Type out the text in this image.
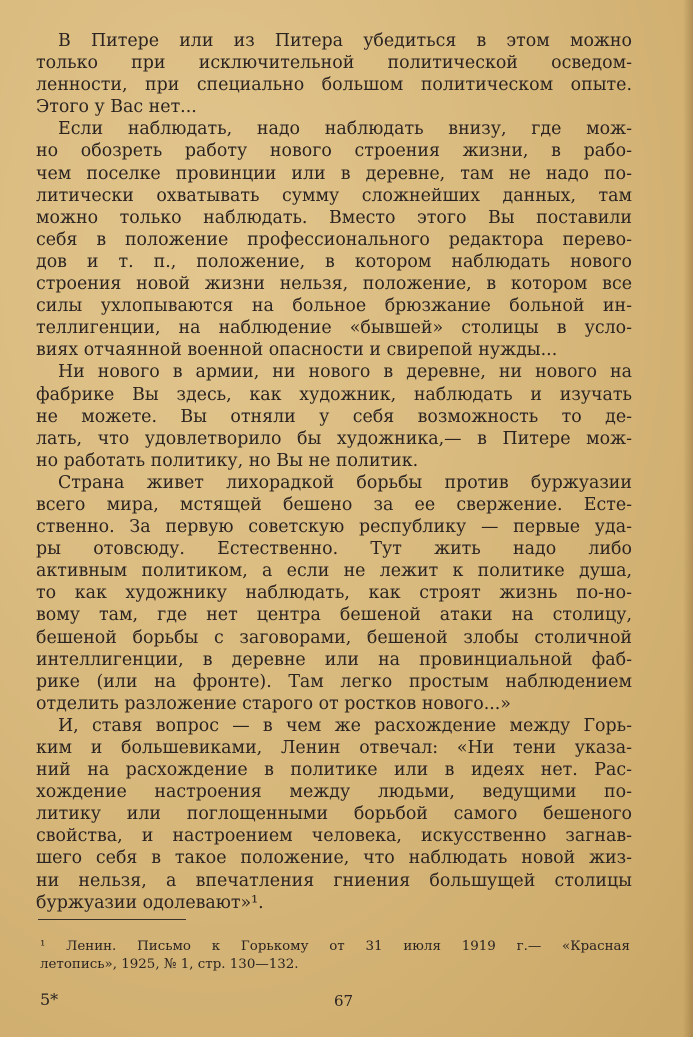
В Питере или из Питера убедиться в этом можно
только при исключительной политической осведом-
ленности, при специально большом политическом опыте.
Этого у Вас нет...

Если наблюдать, надо наблюдать внизу, где мож-
но обозреть работу нового строения жизни, в рабо-
чем поселке провинции или в деревне, там не надо по-
литически охватывать сумму сложнейших данных, там
можно только наблюдать. Вместо этого Вы поставили
себя в положение профессионального редактора перево-
дов и т. п., положение, в котором наблюдать нового
строения новой жизни нельзя, положение, в котором все
силы ухлопываются на больное брюзжание больной ин-
теллигенции, на наблюдение «бывшей» столицы в усло-
виях отчаянной военной опасности и свирепой нужды...

Ни нового в армии, ни нового в деревне, ни нового на
фабрике Вы здесь, как художник, наблюдать и изучать
не можете. Вы отняли у себя возможность то де-
лать, что удовлетворило бы художника,— в Питере мож-
но работать политику, но Вы не политик.

Страна живет лихорадкой борьбы против буржуазии
всего мира, мстящей бешено за ее свержение. Есте-
ственно. За первую советскую республику — первые уда-
ры отовсюду. Естественно. Тут жить надо либо
активным политиком, а если не лежит к политике душа,
то как художнику наблюдать, как строят жизнь по-но-
вому там, где нет центра бешеной атаки на столицу,
бешеной борьбы с заговорами, бешеной злобы столичной
интеллигенции, в деревне или на провинциальной фаб-
рике (или на фронте). Там легко простым наблюдением
отделить разложение старого от ростков нового...»

И, ставя вопрос — в чем же расхождение между Горь-
ким и большевиками, Ленин отвечал: «Ни тени указа-
ний на расхождение в политике или в идеях нет. Рас-
хождение настроения между людьми, ведущими по-
литику или поглощенными борьбой самого бешеного
свойства, и настроением человека, искусственно загнав-
шего себя в такое положение, что наблюдать новой жиз-
ни нельзя, а впечатления гниения большущей столицы
буржуазии одолевают»¹.

¹ Ленин. Письмо к Горькому от 31 июля 1919 г.— «Красная
летопись», 1925, № 1, стр. 130—132.
5*	67
